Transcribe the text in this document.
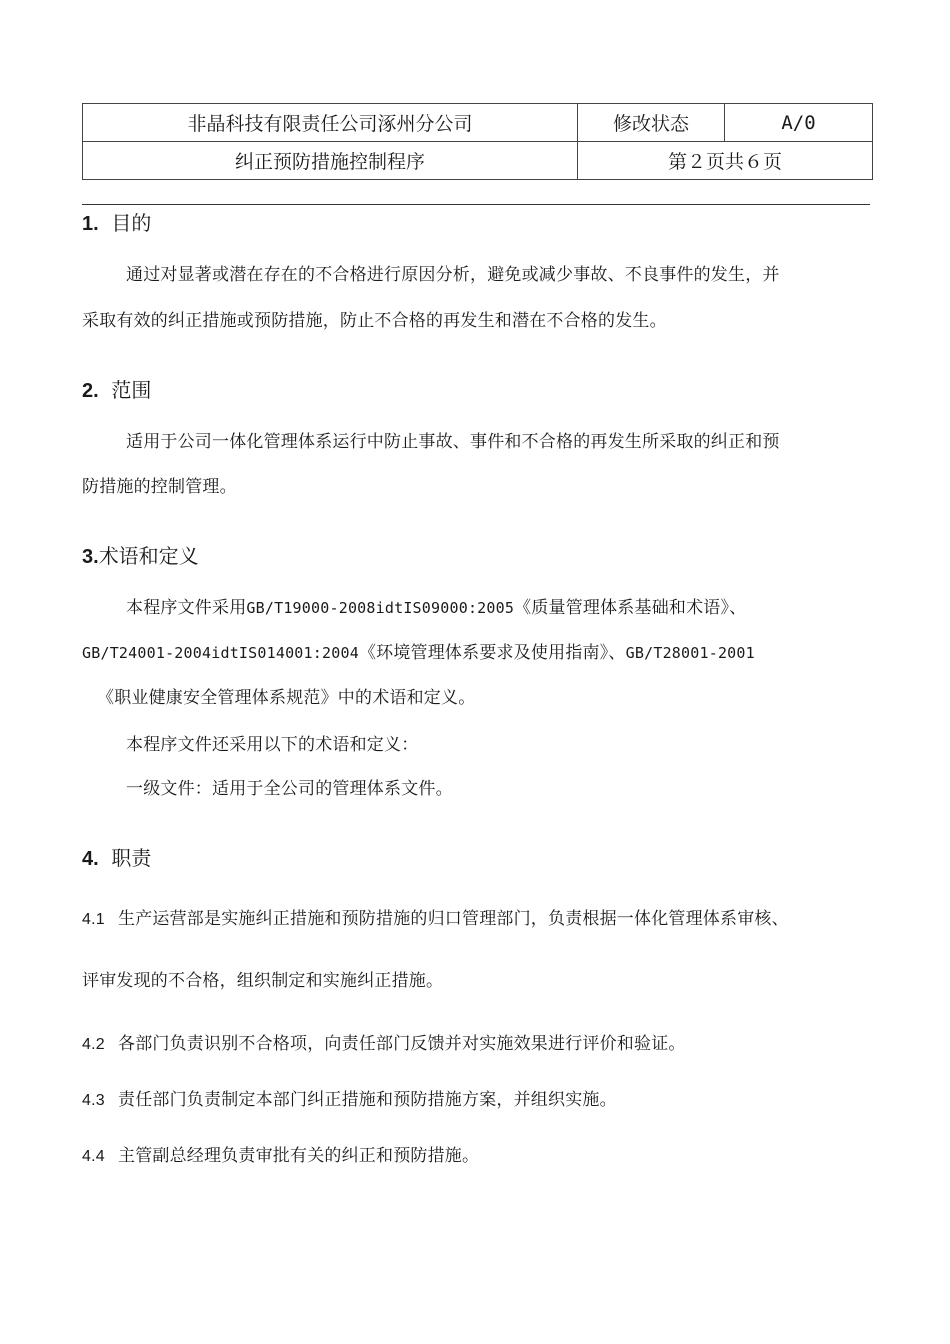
非晶科技有限责任公司涿州分公司	修改状态	A/0
纠正预防措施控制程序	第２页共６页	
1. 目的
通过对显著或潜在存在的不合格进行原因分析，避免或减少事故、不良事件的发生，并
采取有效的纠正措施或预防措施，防止不合格的再发生和潜在不合格的发生。
2. 范围
适用于公司一体化管理体系运行中防止事故、事件和不合格的再发生所采取的纠正和预
防措施的控制管理。
3.术语和定义
本程序文件采用GB/T19000-2008idtIS09000:2005《质量管理体系基础和术语》、
GB/T24001-2004idtIS014001:2004《环境管理体系要求及使用指南》、GB/T28001-2001
《职业健康安全管理体系规范》中的术语和定义。
本程序文件还采用以下的术语和定义：
一级文件：适用于全公司的管理体系文件。
4. 职责
4.1 生产运营部是实施纠正措施和预防措施的归口管理部门，负责根据一体化管理体系审核、
评审发现的不合格，组织制定和实施纠正措施。
4.2 各部门负责识别不合格项，向责任部门反馈并对实施效果进行评价和验证。
4.3 责任部门负责制定本部门纠正措施和预防措施方案，并组织实施。
4.4 主管副总经理负责审批有关的纠正和预防措施。
